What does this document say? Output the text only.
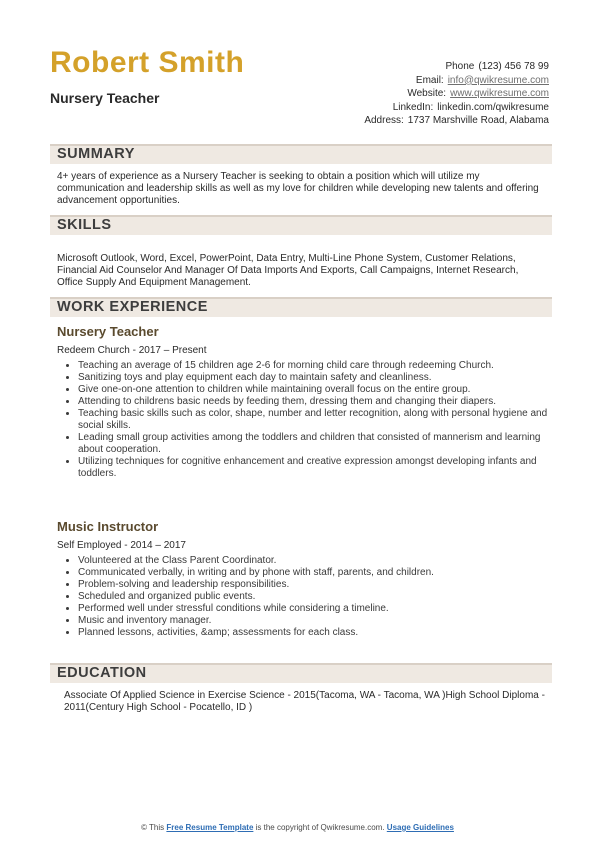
Robert Smith
Nursery Teacher
Phone (123) 456 78 99
Email: info@qwikresume.com
Website: www.qwikresume.com
LinkedIn: linkedin.com/qwikresume
Address: 1737 Marshville Road, Alabama
SUMMARY
4+ years of experience as a Nursery Teacher is seeking to obtain a position which will utilize my communication and leadership skills as well as my love for children while developing new talents and offering advancement opportunities.
SKILLS
Microsoft Outlook, Word, Excel, PowerPoint, Data Entry, Multi-Line Phone System, Customer Relations, Financial Aid Counselor And Manager Of Data Imports And Exports, Call Campaigns, Internet Research, Office Supply And Equipment Management.
WORK EXPERIENCE
Nursery Teacher
Redeem Church - 2017 – Present
• Teaching an average of 15 children age 2-6 for morning child care through redeeming Church.
• Sanitizing toys and play equipment each day to maintain safety and cleanliness.
• Give one-on-one attention to children while maintaining overall focus on the entire group.
• Attending to childrens basic needs by feeding them, dressing them and changing their diapers.
• Teaching basic skills such as color, shape, number and letter recognition, along with personal hygiene and social skills.
• Leading small group activities among the toddlers and children that consisted of mannerism and learning about cooperation.
• Utilizing techniques for cognitive enhancement and creative expression amongst developing infants and toddlers.
Music Instructor
Self Employed - 2014 – 2017
• Volunteered at the Class Parent Coordinator.
• Communicated verbally, in writing and by phone with staff, parents, and children.
• Problem-solving and leadership responsibilities.
• Scheduled and organized public events.
• Performed well under stressful conditions while considering a timeline.
• Music and inventory manager.
• Planned lessons, activities, &amp; assessments for each class.
EDUCATION
Associate Of Applied Science in Exercise Science - 2015(Tacoma, WA - Tacoma, WA )High School Diploma - 2011(Century High School - Pocatello, ID )
© This Free Resume Template is the copyright of Qwikresume.com. Usage Guidelines
